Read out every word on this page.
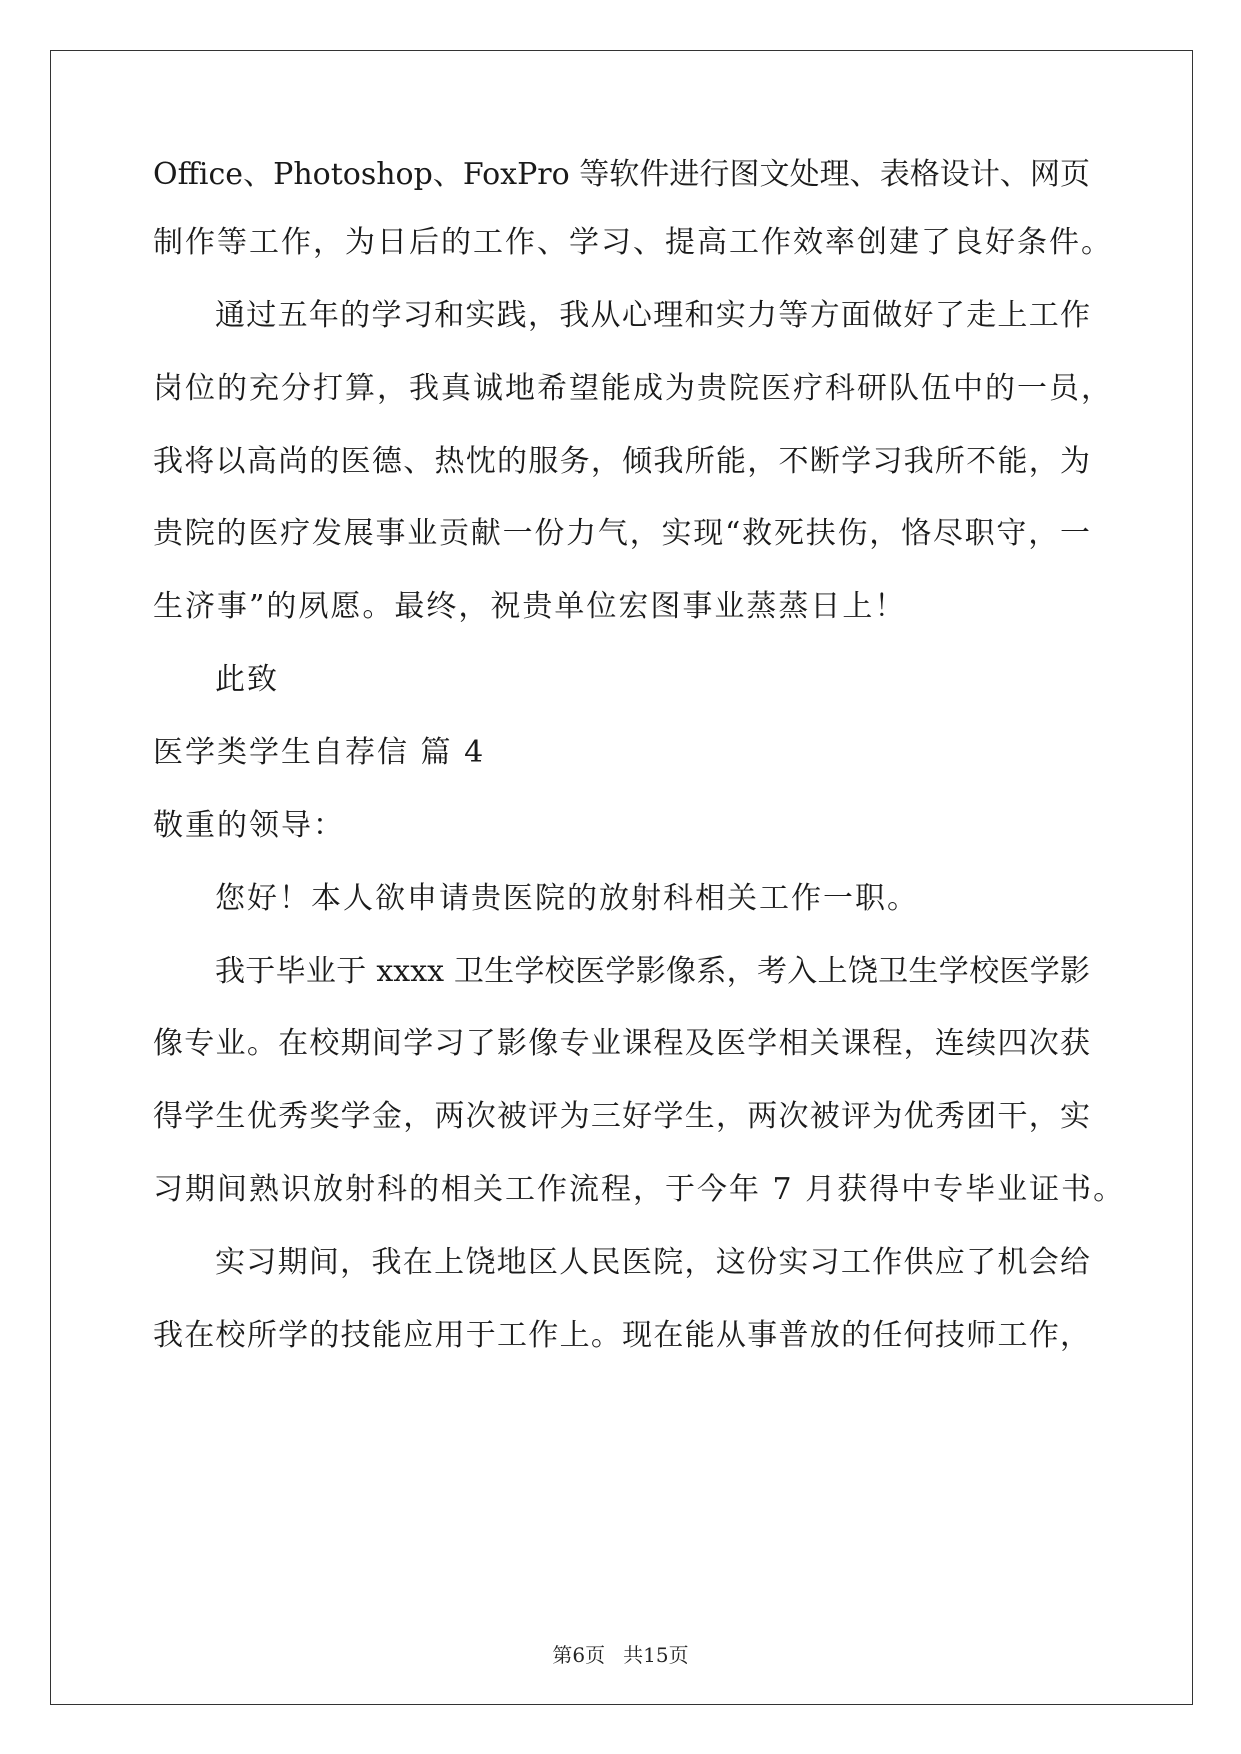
Office、Photoshop、FoxPro 等软件进行图文处理、表格设计、网页
制作等工作，为日后的工作、学习、提高工作效率创建了良好条件。
通过五年的学习和实践，我从心理和实力等方面做好了走上工作
岗位的充分打算，我真诚地希望能成为贵院医疗科研队伍中的一员，
我将以高尚的医德、热忱的服务，倾我所能，不断学习我所不能，为
贵院的医疗发展事业贡献一份力气，实现“救死扶伤，恪尽职守，一
生济事”的夙愿。最终，祝贵单位宏图事业蒸蒸日上！
此致
医学类学生自荐信 篇 4
敬重的领导：
您好！本人欲申请贵医院的放射科相关工作一职。
我于毕业于 xxxx 卫生学校医学影像系，考入上饶卫生学校医学影
像专业。在校期间学习了影像专业课程及医学相关课程，连续四次获
得学生优秀奖学金，两次被评为三好学生，两次被评为优秀团干，实
习期间熟识放射科的相关工作流程，于今年 7 月获得中专毕业证书。
实习期间，我在上饶地区人民医院，这份实习工作供应了机会给
我在校所学的技能应用于工作上。现在能从事普放的任何技师工作，
第6页 共15页
